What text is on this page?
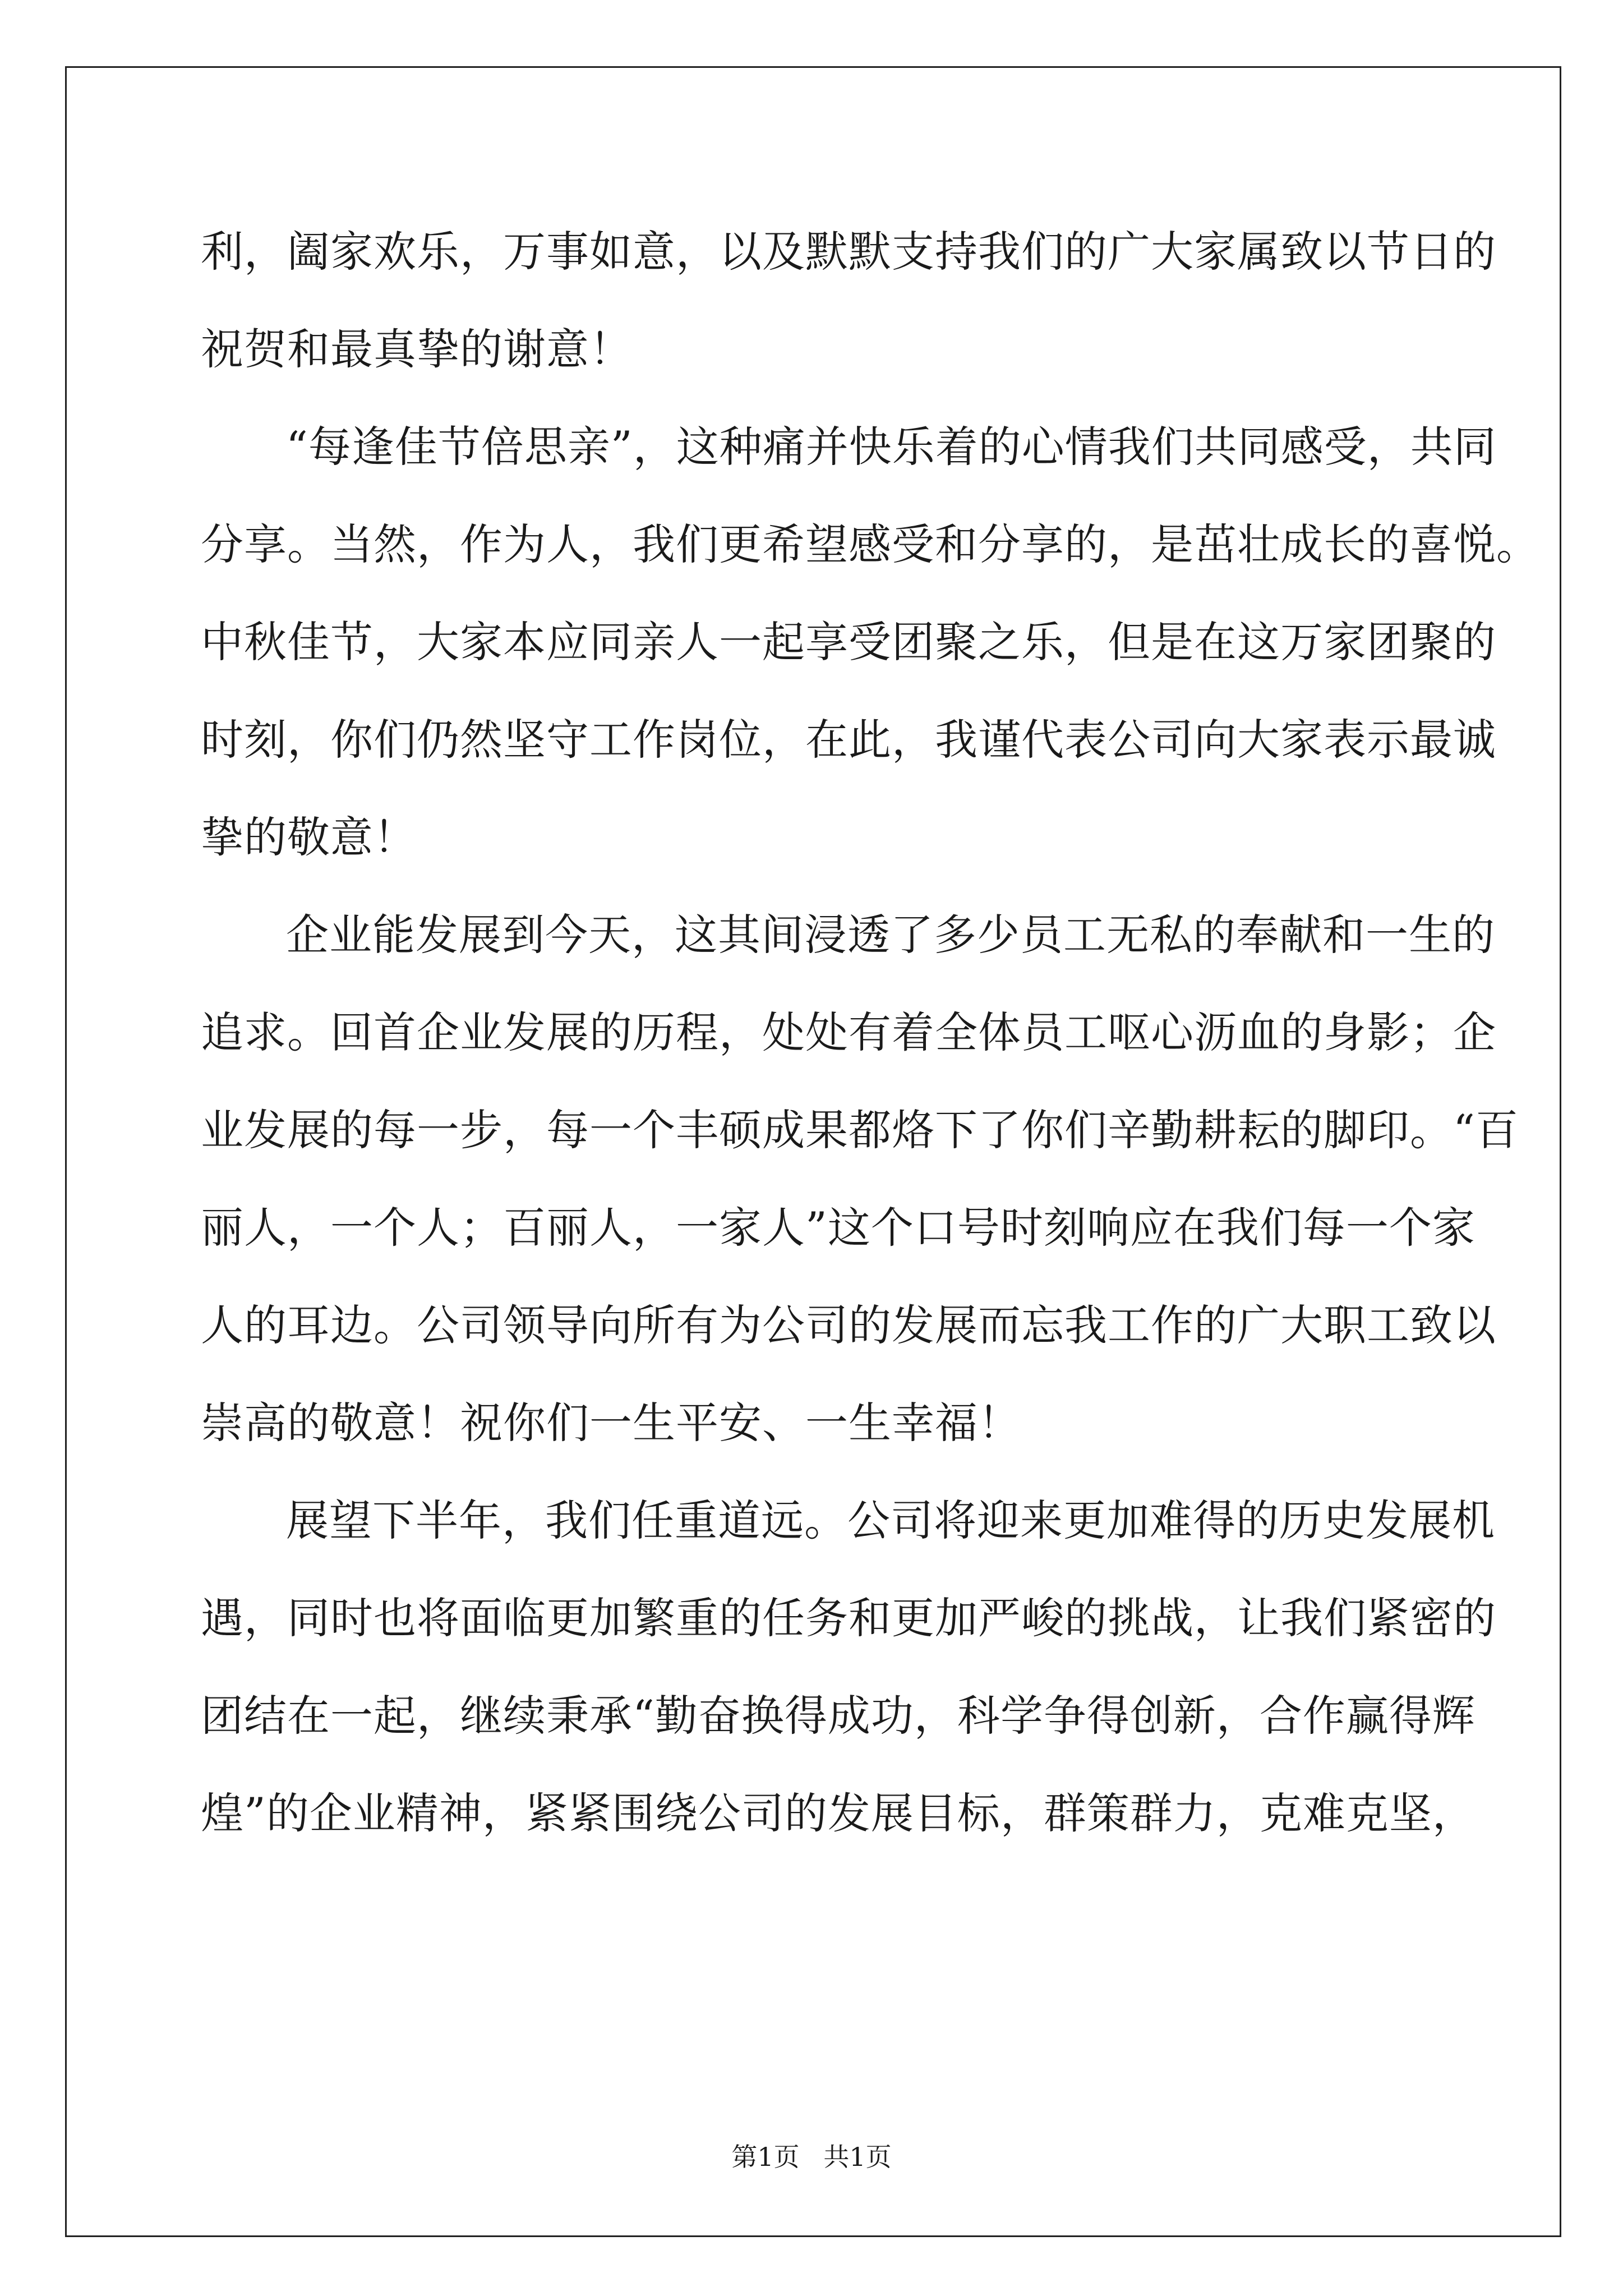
利，阖家欢乐，万事如意，以及默默支持我们的广大家属致以节日的
祝贺和最真挚的谢意！
“每逢佳节倍思亲”，这种痛并快乐着的心情我们共同感受，共同
分享。当然，作为人，我们更希望感受和分享的，是茁壮成长的喜悦。
中秋佳节，大家本应同亲人一起享受团聚之乐，但是在这万家团聚的
时刻，你们仍然坚守工作岗位，在此，我谨代表公司向大家表示最诚
挚的敬意！
企业能发展到今天，这其间浸透了多少员工无私的奉献和一生的
追求。回首企业发展的历程，处处有着全体员工呕心沥血的身影；企
业发展的每一步，每一个丰硕成果都烙下了你们辛勤耕耘的脚印。“百
丽人，一个人；百丽人，一家人”这个口号时刻响应在我们每一个家
人的耳边。公司领导向所有为公司的发展而忘我工作的广大职工致以
崇高的敬意！祝你们一生平安、一生幸福！
展望下半年，我们任重道远。公司将迎来更加难得的历史发展机
遇，同时也将面临更加繁重的任务和更加严峻的挑战，让我们紧密的
团结在一起，继续秉承“勤奋换得成功，科学争得创新，合作赢得辉
煌”的企业精神，紧紧围绕公司的发展目标，群策群力，克难克坚，
第1页 共1页
